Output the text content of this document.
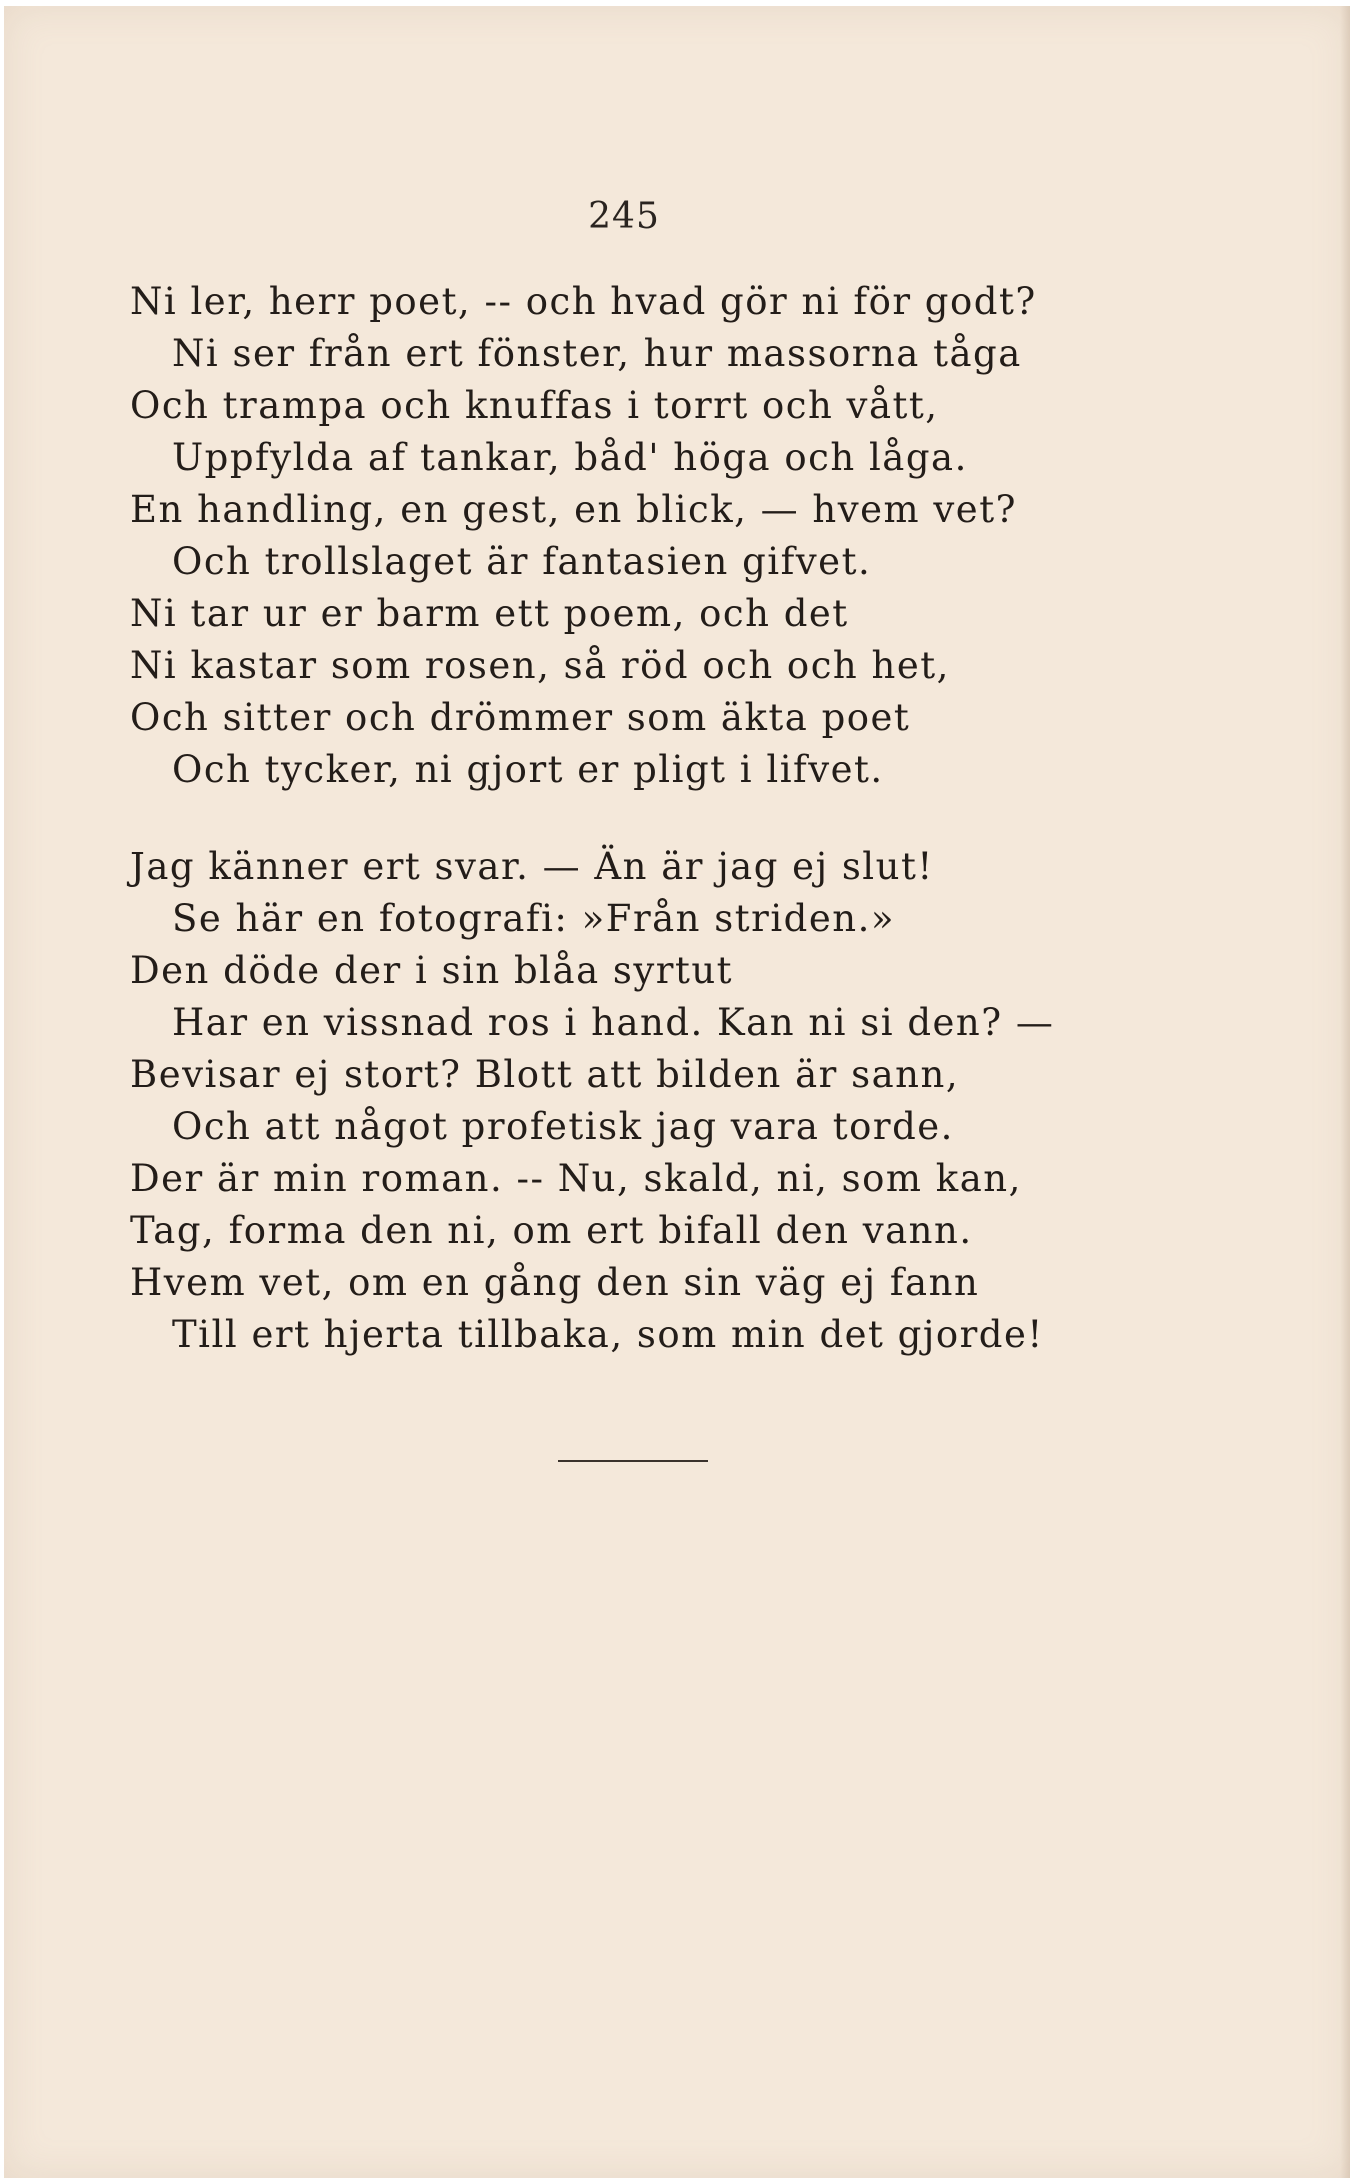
245
Ni ler, herr poet, -- och hvad gör ni för godt?
Ni ser från ert fönster, hur massorna tåga
Och trampa och knuffas i torrt och vått,
Uppfylda af tankar, båd' höga och låga.
En handling, en gest, en blick, — hvem vet?
Och trollslaget är fantasien gifvet.
Ni tar ur er barm ett poem, och det
Ni kastar som rosen, så röd och och het,
Och sitter och drömmer som äkta poet
Och tycker, ni gjort er pligt i lifvet.
Jag känner ert svar. — Än är jag ej slut!
Se här en fotografi: »Från striden.»
Den döde der i sin blåa syrtut
Har en vissnad ros i hand. Kan ni si den? —
Bevisar ej stort? Blott att bilden är sann,
Och att något profetisk jag vara torde.
Der är min roman. -- Nu, skald, ni, som kan,
Tag, forma den ni, om ert bifall den vann.
Hvem vet, om en gång den sin väg ej fann
Till ert hjerta tillbaka, som min det gjorde!
